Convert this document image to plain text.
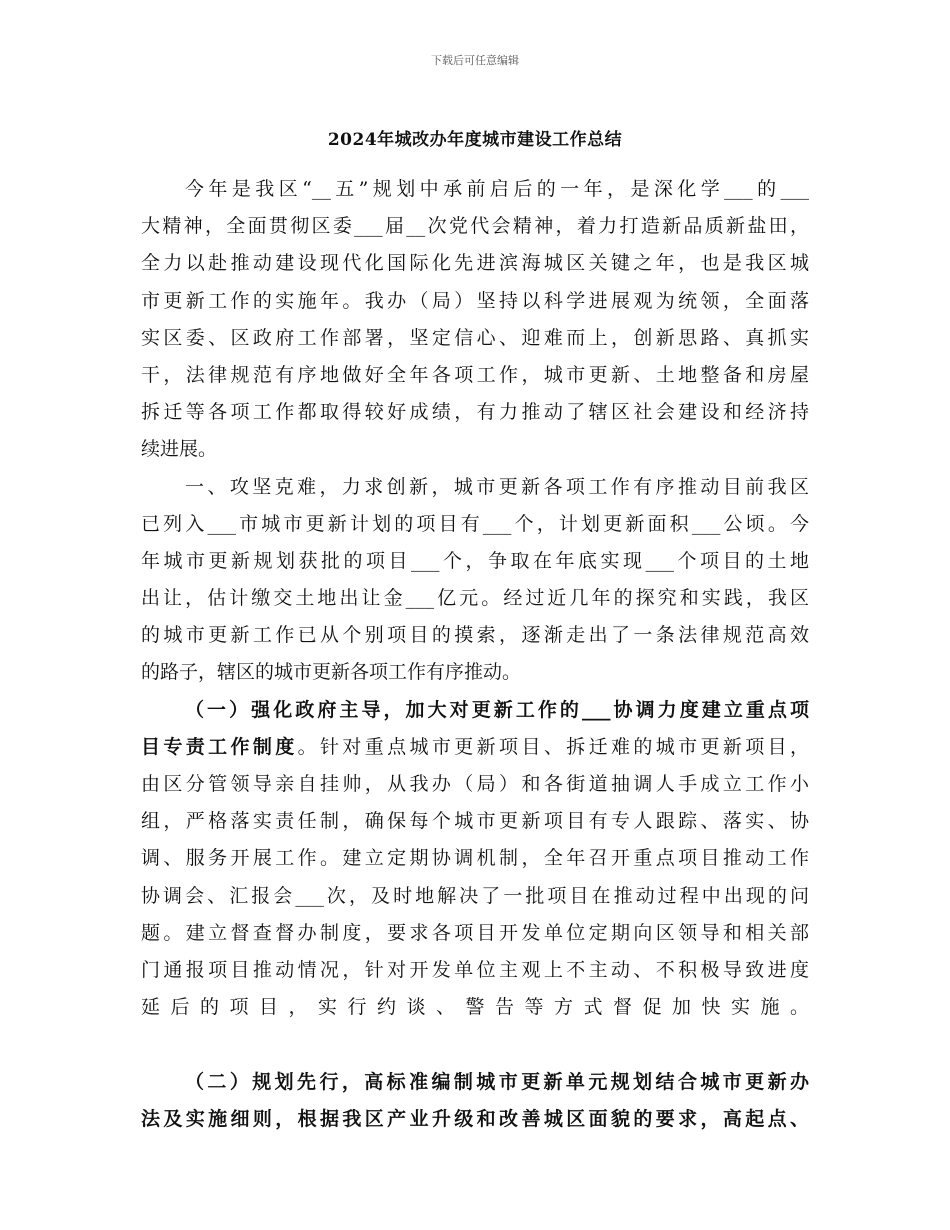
下载后可任意编辑
2024年城改办年度城市建设工作总结
今年是我区“__五”规划中承前启后的一年，是深化学___的___
大精神，全面贯彻区委___届__次党代会精神，着力打造新品质新盐田，
全力以赴推动建设现代化国际化先进滨海城区关键之年，也是我区城
市更新工作的实施年。我办（局）坚持以科学进展观为统领，全面落
实区委、区政府工作部署，坚定信心、迎难而上，创新思路、真抓实
干，法律规范有序地做好全年各项工作，城市更新、土地整备和房屋
拆迁等各项工作都取得较好成绩，有力推动了辖区社会建设和经济持
续进展。
一、攻坚克难，力求创新，城市更新各项工作有序推动目前我区
已列入___市城市更新计划的项目有___个，计划更新面积___公顷。今
年城市更新规划获批的项目___个，争取在年底实现___个项目的土地
出让，估计缴交土地出让金___亿元。经过近几年的探究和实践，我区
的城市更新工作已从个别项目的摸索，逐渐走出了一条法律规范高效
的路子，辖区的城市更新各项工作有序推动。
（一）强化政府主导，加大对更新工作的___协调力度建立重点项
目专责工作制度。针对重点城市更新项目、拆迁难的城市更新项目，
由区分管领导亲自挂帅，从我办（局）和各街道抽调人手成立工作小
组，严格落实责任制，确保每个城市更新项目有专人跟踪、落实、协
调、服务开展工作。建立定期协调机制，全年召开重点项目推动工作
协调会、汇报会___次，及时地解决了一批项目在推动过程中出现的问
题。建立督查督办制度，要求各项目开发单位定期向区领导和相关部
门通报项目推动情况，针对开发单位主观上不主动、不积极导致进度
延后的项目，实行约谈、警告等方式督促加快实施。
（二）规划先行，高标准编制城市更新单元规划结合城市更新办
法及实施细则，根据我区产业升级和改善城区面貌的要求，高起点、
